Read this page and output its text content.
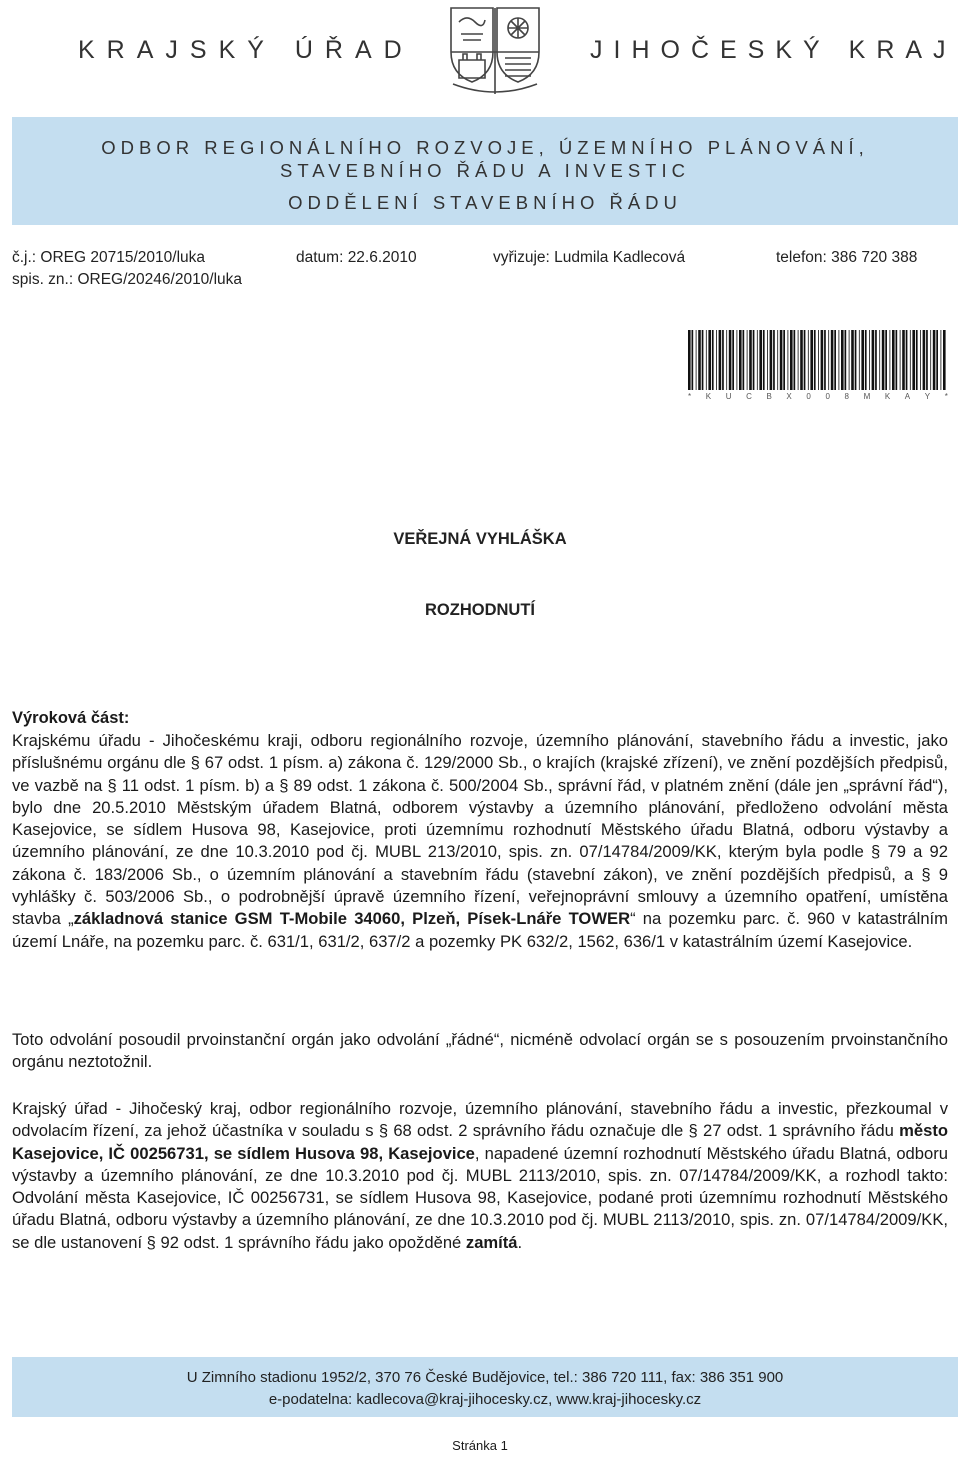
KRAJSKÝ ÚŘAD	JIHOČESKÝ KRAJ
ODBOR REGIONÁLNÍHO ROZVOJE, ÚZEMNÍHO PLÁNOVÁNÍ,
STAVEBNÍHO ŘÁDU A INVESTIC
ODDĚLENÍ STAVEBNÍHO ŘÁDU
č.j.: OREG 20715/2010/luka	datum: 22.6.2010	vyřizuje: Ludmila Kadlecová	telefon: 386 720 388
spis. zn.: OREG/20246/2010/luka
* K U C B X 0 0 8 M K A Y *
VEŘEJNÁ VYHLÁŠKA
ROZHODNUTÍ
Výroková část:
Krajskému úřadu - Jihočeskému kraji, odboru regionálního rozvoje, územního plánování, stavebního řádu a investic, jako příslušnému orgánu dle § 67 odst. 1 písm. a) zákona č. 129/2000 Sb., o krajích (krajské zřízení), ve znění pozdějších předpisů, ve vazbě na § 11 odst. 1 písm. b) a § 89 odst. 1 zákona č. 500/2004 Sb., správní řád, v platném znění (dále jen „správní řád“), bylo dne 20.5.2010 Městským úřadem Blatná, odborem výstavby a územního plánování, předloženo odvolání města Kasejovice, se sídlem Husova 98, Kasejovice, proti územnímu rozhodnutí Městského úřadu Blatná, odboru výstavby a územního plánování, ze dne 10.3.2010 pod čj. MUBL 213/2010, spis. zn. 07/14784/2009/KK, kterým byla podle § 79 a 92 zákona č. 183/2006 Sb., o územním plánování a stavebním řádu (stavební zákon), ve znění pozdějších předpisů, a § 9 vyhlášky č. 503/2006 Sb., o podrobnější úpravě územního řízení, veřejnoprávní smlouvy a územního opatření, umístěna stavba „základnová stanice GSM T-Mobile 34060, Plzeň, Písek-Lnáře TOWER“ na pozemku parc. č. 960 v katastrálním území Lnáře, na pozemku parc. č. 631/1, 631/2, 637/2 a pozemky PK 632/2, 1562, 636/1 v katastrálním území Kasejovice.
Toto odvolání posoudil prvoinstanční orgán jako odvolání „řádné“, nicméně odvolací orgán se s posouzením prvoinstančního orgánu neztotožnil.
Krajský úřad - Jihočeský kraj, odbor regionálního rozvoje, územního plánování, stavebního řádu a investic, přezkoumal v odvolacím řízení, za jehož účastníka v souladu s § 68 odst. 2 správního řádu označuje dle § 27 odst. 1 správního řádu město Kasejovice, IČ 00256731, se sídlem Husova 98, Kasejovice, napadené územní rozhodnutí Městského úřadu Blatná, odboru výstavby a územního plánování, ze dne 10.3.2010 pod čj. MUBL 2113/2010, spis. zn. 07/14784/2009/KK, a rozhodl takto: Odvolání města Kasejovice, IČ 00256731, se sídlem Husova 98, Kasejovice, podané proti územnímu rozhodnutí Městského úřadu Blatná, odboru výstavby a územního plánování, ze dne 10.3.2010 pod čj. MUBL 2113/2010, spis. zn. 07/14784/2009/KK, se dle ustanovení § 92 odst. 1 správního řádu jako opožděné zamítá.
U Zimního stadionu 1952/2, 370 76 České Budějovice, tel.: 386 720 111, fax: 386 351 900
e-podatelna: kadlecova@kraj-jihocesky.cz, www.kraj-jihocesky.cz
Stránka 1
